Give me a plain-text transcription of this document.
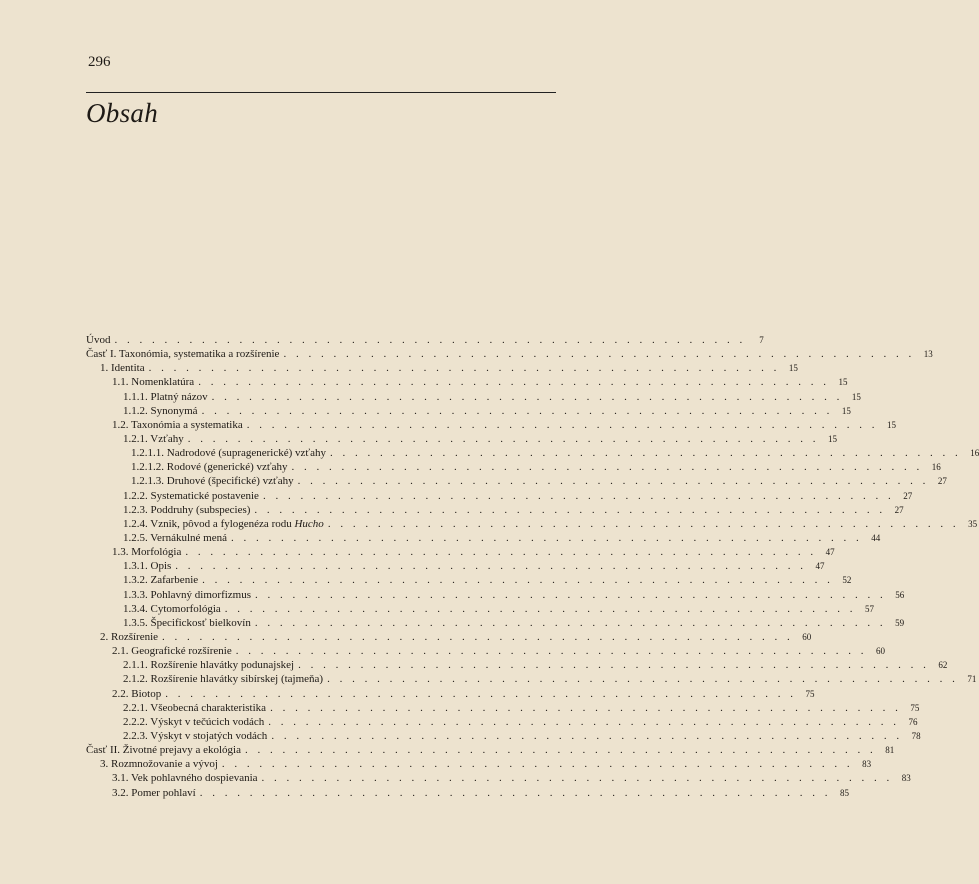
296
Obsah
Úvod . . . . . . . . . . . . . . . . . . . . . . . . . . . . . . . . . . . . . . . . . . . . . . . . . . .	7
Časť I. Taxonómia, systematika a rozšírenie . . . . . . . . . . . . . . . . . . . . . . . . . . . . . . . . . . . . . . . . . . . . . . . . . . .	13
1. Identita . . . . . . . . . . . . . . . . . . . . . . . . . . . . . . . . . . . . . . . . . . . . . . . . . . .	15
1.1. Nomenklatúra . . . . . . . . . . . . . . . . . . . . . . . . . . . . . . . . . . . . . . . . . . . . . . . . . . .	15
1.1.1. Platný názov . . . . . . . . . . . . . . . . . . . . . . . . . . . . . . . . . . . . . . . . . . . . . . . . . . .	15
1.1.2. Synonymá . . . . . . . . . . . . . . . . . . . . . . . . . . . . . . . . . . . . . . . . . . . . . . . . . . .	15
1.2. Taxonómia a systematika . . . . . . . . . . . . . . . . . . . . . . . . . . . . . . . . . . . . . . . . . . . . . . . . . . .	15
1.2.1. Vzťahy . . . . . . . . . . . . . . . . . . . . . . . . . . . . . . . . . . . . . . . . . . . . . . . . . . .	15
1.2.1.1. Nadrodové (supragenerické) vzťahy . . . . . . . . . . . . . . . . . . . . . . . . . . . . . . . . . . . . . . . . . . . . . . . . . . .	16
1.2.1.2. Rodové (generické) vzťahy . . . . . . . . . . . . . . . . . . . . . . . . . . . . . . . . . . . . . . . . . . . . . . . . . . .	16
1.2.1.3. Druhové (špecifické) vzťahy . . . . . . . . . . . . . . . . . . . . . . . . . . . . . . . . . . . . . . . . . . . . . . . . . . .	27
1.2.2. Systematické postavenie . . . . . . . . . . . . . . . . . . . . . . . . . . . . . . . . . . . . . . . . . . . . . . . . . . .	27
1.2.3. Poddruhy (subspecies) . . . . . . . . . . . . . . . . . . . . . . . . . . . . . . . . . . . . . . . . . . . . . . . . . . .	27
1.2.4. Vznik, pôvod a fylogenéza rodu Hucho . . . . . . . . . . . . . . . . . . . . . . . . . . . . . . . . . . . . . . . . . . . . . . . . . . .	35
1.2.5. Vernákulné mená . . . . . . . . . . . . . . . . . . . . . . . . . . . . . . . . . . . . . . . . . . . . . . . . . . .	44
1.3. Morfológia . . . . . . . . . . . . . . . . . . . . . . . . . . . . . . . . . . . . . . . . . . . . . . . . . . .	47
1.3.1. Opis . . . . . . . . . . . . . . . . . . . . . . . . . . . . . . . . . . . . . . . . . . . . . . . . . . .	47
1.3.2. Zafarbenie . . . . . . . . . . . . . . . . . . . . . . . . . . . . . . . . . . . . . . . . . . . . . . . . . . .	52
1.3.3. Pohlavný dimorfizmus . . . . . . . . . . . . . . . . . . . . . . . . . . . . . . . . . . . . . . . . . . . . . . . . . . .	56
1.3.4. Cytomorfológia . . . . . . . . . . . . . . . . . . . . . . . . . . . . . . . . . . . . . . . . . . . . . . . . . . .	57
1.3.5. Špecifickosť bielkovín . . . . . . . . . . . . . . . . . . . . . . . . . . . . . . . . . . . . . . . . . . . . . . . . . . .	59
2. Rozšírenie . . . . . . . . . . . . . . . . . . . . . . . . . . . . . . . . . . . . . . . . . . . . . . . . . . .	60
2.1. Geografické rozšírenie . . . . . . . . . . . . . . . . . . . . . . . . . . . . . . . . . . . . . . . . . . . . . . . . . . .	60
2.1.1. Rozšírenie hlavátky podunajskej . . . . . . . . . . . . . . . . . . . . . . . . . . . . . . . . . . . . . . . . . . . . . . . . . . .	62
2.1.2. Rozšírenie hlavátky sibírskej (tajmeňa) . . . . . . . . . . . . . . . . . . . . . . . . . . . . . . . . . . . . . . . . . . . . . . . . . . .	71
2.2. Biotop . . . . . . . . . . . . . . . . . . . . . . . . . . . . . . . . . . . . . . . . . . . . . . . . . . .	75
2.2.1. Všeobecná charakteristika . . . . . . . . . . . . . . . . . . . . . . . . . . . . . . . . . . . . . . . . . . . . . . . . . . .	75
2.2.2. Výskyt v tečúcich vodách . . . . . . . . . . . . . . . . . . . . . . . . . . . . . . . . . . . . . . . . . . . . . . . . . . .	76
2.2.3. Výskyt v stojatých vodách . . . . . . . . . . . . . . . . . . . . . . . . . . . . . . . . . . . . . . . . . . . . . . . . . . .	78
Časť II. Životné prejavy a ekológia . . . . . . . . . . . . . . . . . . . . . . . . . . . . . . . . . . . . . . . . . . . . . . . . . . .	81
3. Rozmnožovanie a vývoj . . . . . . . . . . . . . . . . . . . . . . . . . . . . . . . . . . . . . . . . . . . . . . . . . . .	83
3.1. Vek pohlavného dospievania . . . . . . . . . . . . . . . . . . . . . . . . . . . . . . . . . . . . . . . . . . . . . . . . . . .	83
3.2. Pomer pohlaví . . . . . . . . . . . . . . . . . . . . . . . . . . . . . . . . . . . . . . . . . . . . . . . . . . .	85
